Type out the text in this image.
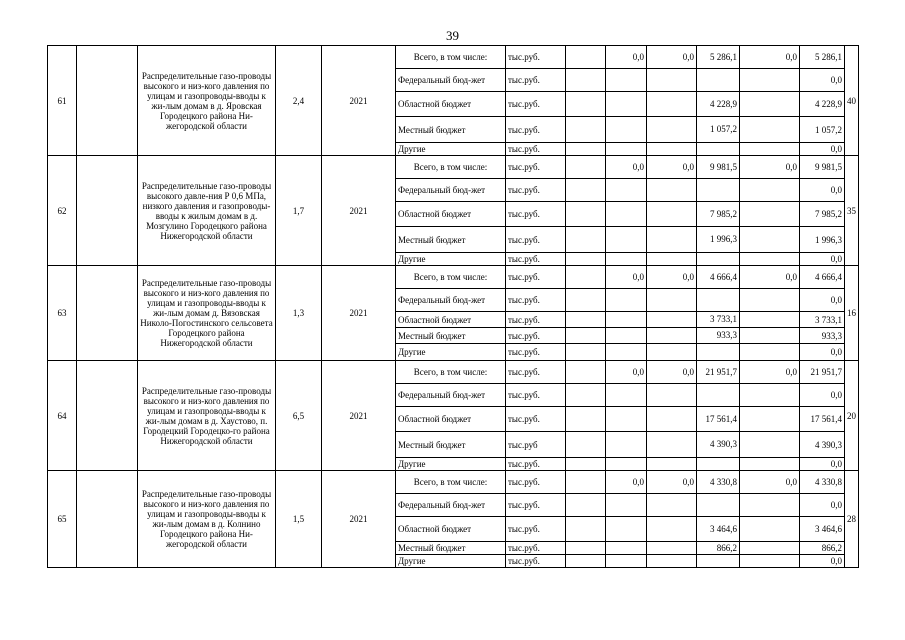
39
61		Распределительные газо-проводы высокого и низ-кого давления по улицам и газопроводы-вводы к жи-лым домам в д. Яровская Городецкого района Ни-жегородской области	2,4	2021	Всего, в том числе:	тыс.руб.		0,0	0,0	5 286,1	0,0	5 286,1	40
					Федеральный бюд-жет	тыс.руб.						0,0	
					Областной бюджет	тыс.руб.				4 228,9		4 228,9	
					Местный бюджет	тыс.руб.				1 057,2		1 057,2	
					Другие	тыс.руб.						0,0	
62		Распределительные газо-проводы высокого давле-ния Р 0,6 МПа, низкого давления и газопроводы-вводы к жилым домам в д. Мозгулино Городецкого района Нижегородской области	1,7	2021	Всего, в том числе:	тыс.руб.		0,0	0,0	9 981,5	0,0	9 981,5	35
					Федеральный бюд-жет	тыс.руб.						0,0	
					Областной бюджет	тыс.руб.				7 985,2		7 985,2	
					Местный бюджет	тыс.руб.				1 996,3		1 996,3	
					Другие	тыс.руб.						0,0	
63		Распределительные газо-проводы высокого и низ-кого давления по улицам и газопроводы-вводы к жи-лым домам д. Вязовская Николо-Погостинского сельсовета Городецкого района Нижегородской области	1,3	2021	Всего, в том числе:	тыс.руб.		0,0	0,0	4 666,4	0,0	4 666,4	16
					Федеральный бюд-жет	тыс.руб.						0,0	
					Областной бюджет	тыс.руб.				3 733,1		3 733,1	
					Местный бюджет	тыс.руб.				933,3		933,3	
					Другие	тыс.руб.						0,0	
64		Распределительные газо-проводы высокого и низ-кого давления по улицам и газопроводы-вводы к жи-лым домам в д. Хаустово, п. Городецкий Городецко-го района Нижегородской области	6,5	2021	Всего, в том числе:	тыс.руб.		0,0	0,0	21 951,7	0,0	21 951,7	20
					Федеральный бюд-жет	тыс.руб.						0,0	
					Областной бюджет	тыс.руб.				17 561,4		17 561,4	
					Местный бюджет	тыс.руб				4 390,3		4 390,3	
					Другие	тыс.руб.						0,0	
65		Распределительные газо-проводы высокого и низ-кого давления по улицам и газопроводы-вводы к жи-лым домам в д. Колнино Городецкого района Ни-жегородской области	1,5	2021	Всего, в том числе:	тыс.руб.		0,0	0,0	4 330,8	0,0	4 330,8	28
					Федеральный бюд-жет	тыс.руб.						0,0	
					Областной бюджет	тыс.руб.				3 464,6		3 464,6	
					Местный бюджет	тыс.руб.				866,2		866,2	
					Другие	тыс.руб.						0,0	
